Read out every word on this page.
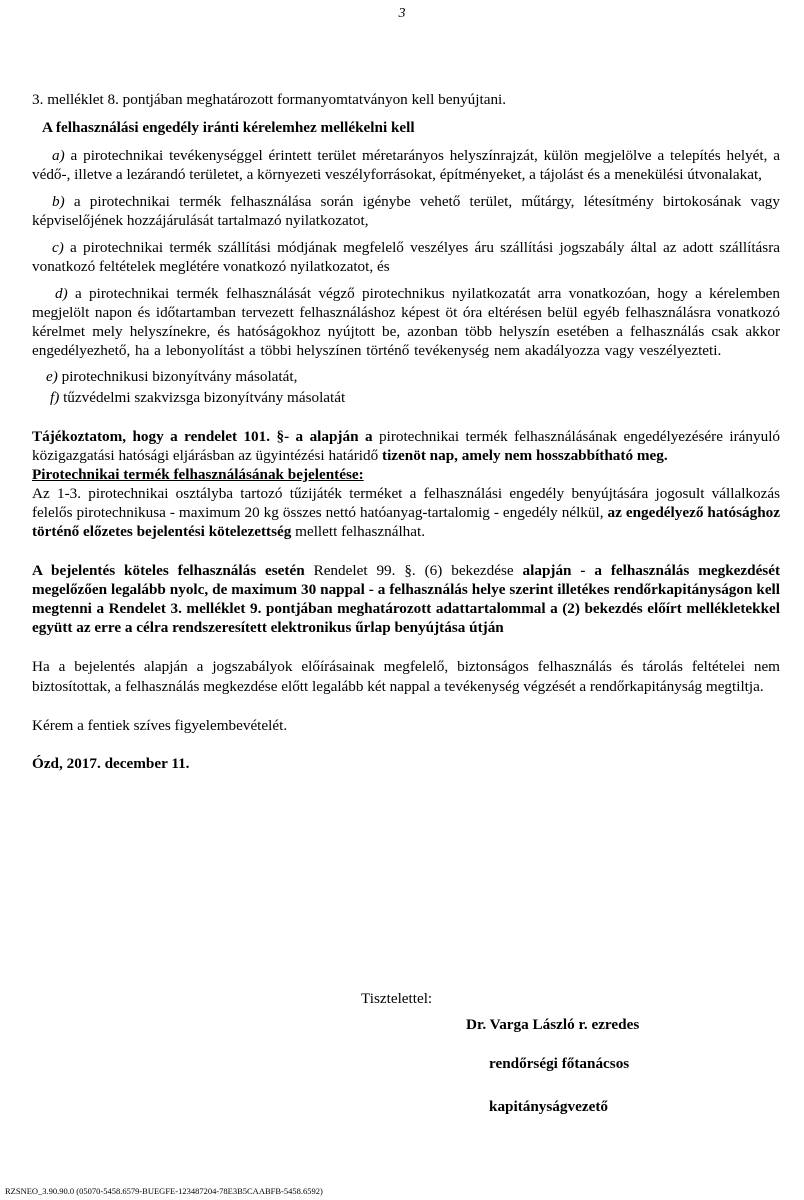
3

3. melléklet 8. pontjában meghatározott formanyomtatványon kell benyújtani.

A felhasználási engedély iránti kérelemhez mellékelni kell

a) a pirotechnikai tevékenységgel érintett terület méretarányos helyszínrajzát, külön megjelölve a telepítés helyét, a védő-, illetve a lezárandó területet, a környezeti veszélyforrásokat, építményeket, a tájolást és a menekülési útvonalakat,

b) a pirotechnikai termék felhasználása során igénybe vehető terület, műtárgy, létesítmény birtokosának vagy képviselőjének hozzájárulását tartalmazó nyilatkozatot,

c) a pirotechnikai termék szállítási módjának megfelelő veszélyes áru szállítási jogszabály által az adott szállításra vonatkozó feltételek meglétére vonatkozó nyilatkozatot, és

d) a pirotechnikai termék felhasználását végző pirotechnikus nyilatkozatát arra vonatkozóan, hogy a kérelemben megjelölt napon és időtartamban tervezett felhasználáshoz képest öt óra eltérésen belül egyéb felhasználásra vonatkozó kérelmet mely helyszínekre, és hatóságokhoz nyújtott be, azonban több helyszín esetében a felhasználás csak akkor engedélyezhető, ha a lebonyolítást a többi helyszínen történő tevékenység nem akadályozza vagy veszélyezteti.

e) pirotechnikusi bizonyítvány másolatát,

f) tűzvédelmi szakvizsga bizonyítvány másolatát

Tájékoztatom, hogy a rendelet 101. §- a alapján a pirotechnikai termék felhasználásának engedélyezésére irányuló közigazgatási hatósági eljárásban az ügyintézési határidő tizenöt nap, amely nem hosszabbítható meg.

Pirotechnikai termék felhasználásának bejelentése:

Az 1-3. pirotechnikai osztályba tartozó tűzijáték terméket a felhasználási engedély benyújtására jogosult vállalkozás felelős pirotechnikusa - maximum 20 kg összes nettó hatóanyag-tartalomig - engedély nélkül, az engedélyező hatósághoz történő előzetes bejelentési kötelezettség mellett felhasználhat.

A bejelentés köteles felhasználás esetén Rendelet 99. §. (6) bekezdése alapján - a felhasználás megkezdését megelőzően legalább nyolc, de maximum 30 nappal - a felhasználás helye szerint illetékes rendőrkapitányságon kell megtenni a Rendelet 3. melléklet 9. pontjában meghatározott adattartalommal a (2) bekezdés előírt mellékletekkel együtt az erre a célra rendszeresített elektronikus űrlap benyújtása útján

Ha a bejelentés alapján a jogszabályok előírásainak megfelelő, biztonságos felhasználás és tárolás feltételei nem biztosítottak, a felhasználás megkezdése előtt legalább két nappal a tevékenység végzését a rendőrkapitányság megtiltja.

Kérem a fentiek szíves figyelembevételét.

Ózd, 2017. december 11.

Tisztelettel:
Dr. Varga László r. ezredes
rendőrségi főtanácsos
kapitányságvezető
RZSNEO_3.90.90.0 (05070-5458.6579-BUEGFE-123487204-78E3B5CAABFB-5458.6592)
